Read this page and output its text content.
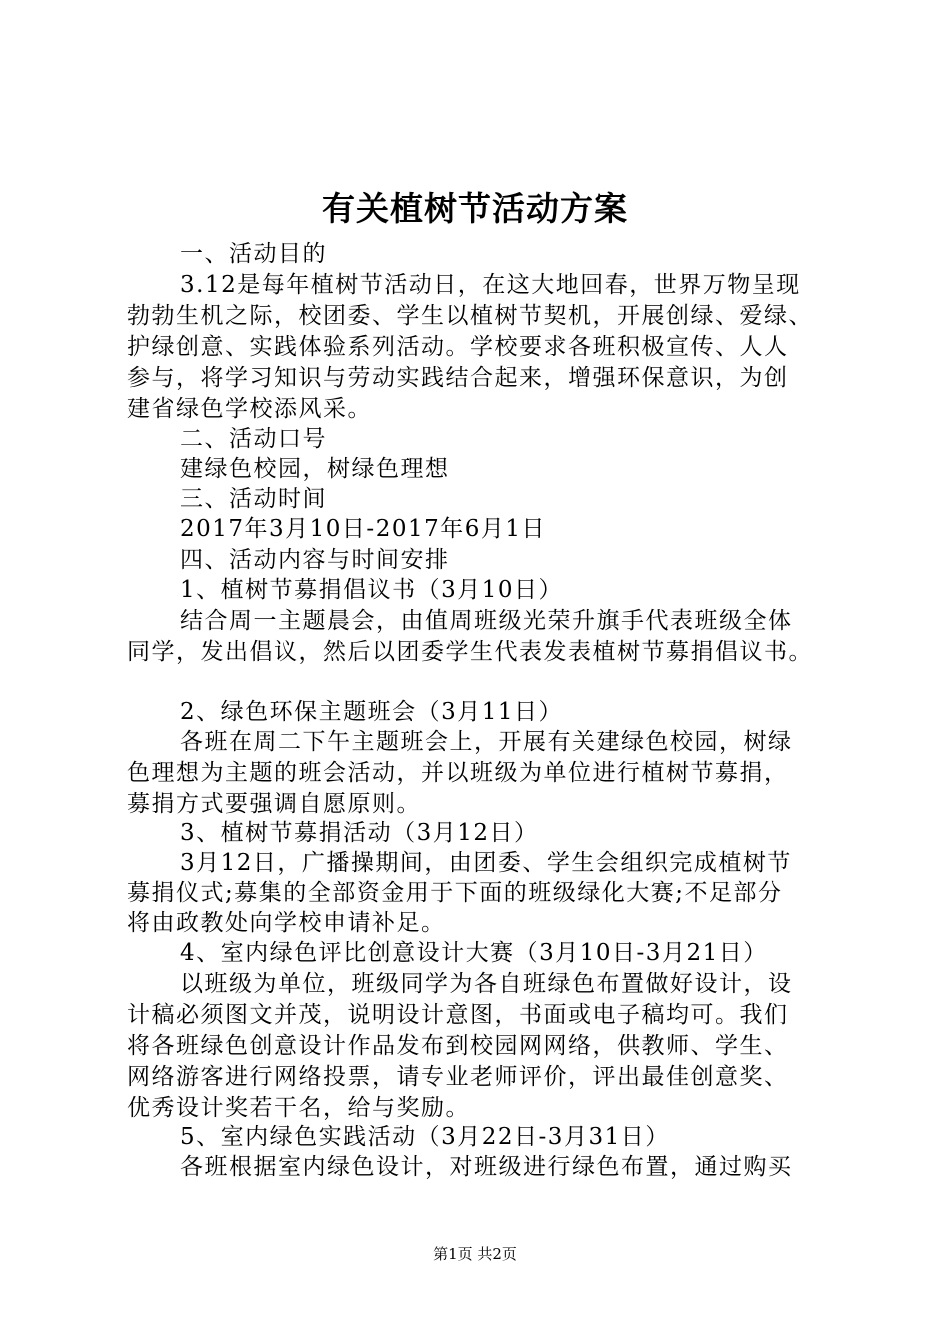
有关植树节活动方案
一、活动目的
3.12是每年植树节活动日，在这大地回春，世界万物呈现
勃勃生机之际，校团委、学生以植树节契机，开展创绿、爱绿、
护绿创意、实践体验系列活动。学校要求各班积极宣传、人人
参与，将学习知识与劳动实践结合起来，增强环保意识，为创
建省绿色学校添风采。
二、活动口号
建绿色校园，树绿色理想
三、活动时间
2017年3月10日-2017年6月1日
四、活动内容与时间安排
1、植树节募捐倡议书（3月10日）
结合周一主题晨会，由值周班级光荣升旗手代表班级全体
同学，发出倡议，然后以团委学生代表发表植树节募捐倡议书。
2、绿色环保主题班会（3月11日）
各班在周二下午主题班会上，开展有关建绿色校园，树绿
色理想为主题的班会活动，并以班级为单位进行植树节募捐，
募捐方式要强调自愿原则。
3、植树节募捐活动（3月12日）
3月12日，广播操期间，由团委、学生会组织完成植树节
募捐仪式;募集的全部资金用于下面的班级绿化大赛;不足部分
将由政教处向学校申请补足。
4、室内绿色评比创意设计大赛（3月10日-3月21日）
以班级为单位，班级同学为各自班绿色布置做好设计，设
计稿必须图文并茂，说明设计意图，书面或电子稿均可。我们
将各班绿色创意设计作品发布到校园网网络，供教师、学生、
网络游客进行网络投票，请专业老师评价，评出最佳创意奖、
优秀设计奖若干名，给与奖励。
5、室内绿色实践活动（3月22日-3月31日）
各班根据室内绿色设计，对班级进行绿色布置，通过购买
第1页 共2页
